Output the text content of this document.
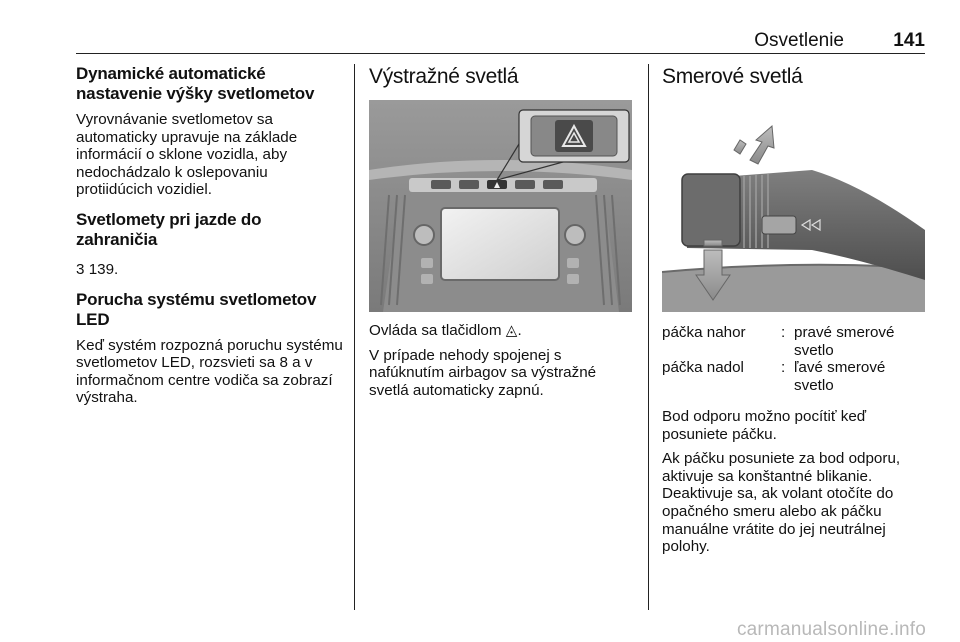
Osvetlenie	141
Dynamické automatické nastavenie výšky svetlometov

Vyrovnávanie svetlometov sa automaticky upravuje na základe informácií o sklone vozidla, aby nedochádzalo k oslepovaniu protiidúcich vozidiel.

Svetlomety pri jazde do zahraničia

3 139.

Porucha systému svetlometov LED

Keď systém rozpozná poruchu systému svetlometov LED, rozsvieti sa 8 a v informačnom centre vodiča sa zobrazí výstraha.

Výstražné svetlá

Ovláda sa tlačidlom ◬.

V prípade nehody spojenej s nafúknutím airbagov sa výstražné svetlá automaticky zapnú.

Smerové svetlá
páčka nahor : pravé smerové svetlo
páčka nadol : ľavé smerové svetlo

Bod odporu možno pocítiť keď posuniete páčku.

Ak páčku posuniete za bod odporu, aktivuje sa konštantné blikanie. Deaktivuje sa, ak volant otočíte do opačného smeru alebo ak páčku manuálne vrátite do jej neutrálnej polohy.

carmanualsonline.info
